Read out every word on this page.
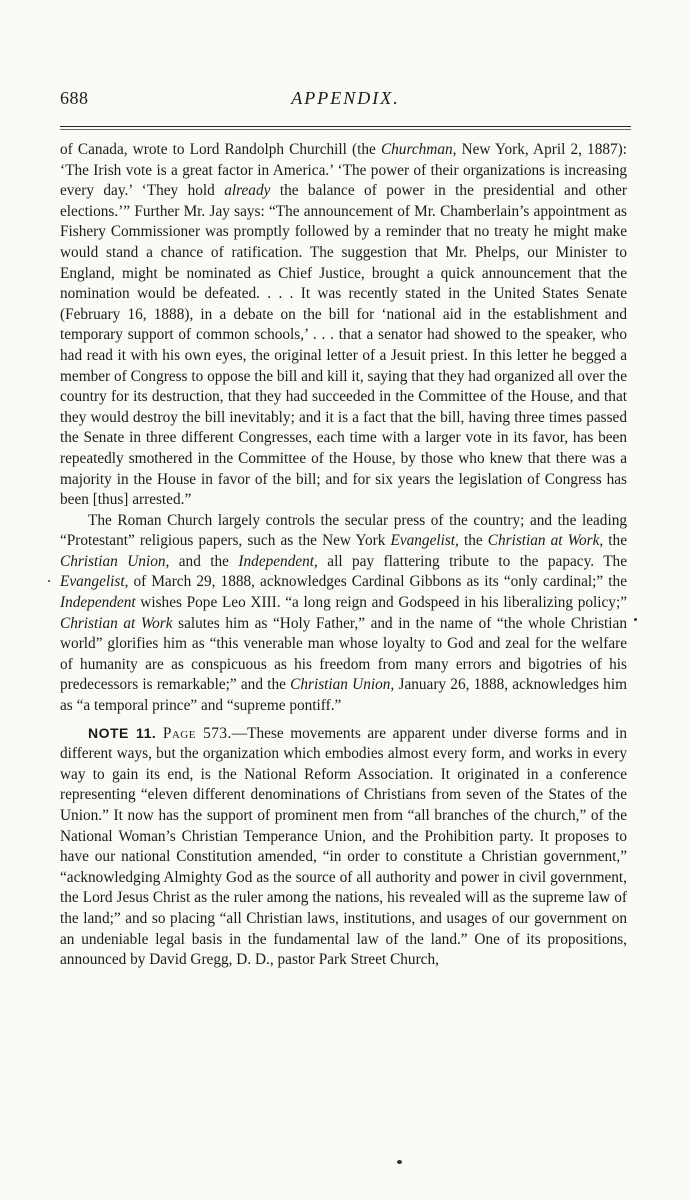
688	APPENDIX.

of Canada, wrote to Lord Randolph Churchill (the Churchman, New York, April 2, 1887): ‘The Irish vote is a great factor in America.’ ‘The power of their organizations is increasing every day.’ ‘They hold already the balance of power in the presidential and other elections.’” Further Mr. Jay says: “The announcement of Mr. Chamberlain’s appointment as Fishery Commissioner was promptly followed by a reminder that no treaty he might make would stand a chance of ratification. The suggestion that Mr. Phelps, our Minister to England, might be nominated as Chief Justice, brought a quick announcement that the nomination would be defeated. . . . It was recently stated in the United States Senate (February 16, 1888), in a debate on the bill for ‘national aid in the establishment and temporary support of common schools,’ . . . that a senator had showed to the speaker, who had read it with his own eyes, the original letter of a Jesuit priest. In this letter he begged a member of Congress to oppose the bill and kill it, saying that they had organized all over the country for its destruction, that they had succeeded in the Committee of the House, and that they would destroy the bill inevitably; and it is a fact that the bill, having three times passed the Senate in three different Congresses, each time with a larger vote in its favor, has been repeatedly smothered in the Committee of the House, by those who knew that there was a majority in the House in favor of the bill; and for six years the legislation of Congress has been [thus] arrested.”

The Roman Church largely controls the secular press of the country; and the leading “Protestant” religious papers, such as the New York Evangelist, the Christian at Work, the Christian Union, and the Independent, all pay flattering tribute to the papacy. The Evangelist, of March 29, 1888, acknowledges Cardinal Gibbons as its “only cardinal;” the Independent wishes Pope Leo XIII. “a long reign and Godspeed in his liberalizing policy;” Christian at Work salutes him as “Holy Father,” and in the name of “the whole Christian world” glorifies him as “this venerable man whose loyalty to God and zeal for the welfare of humanity are as conspicuous as his freedom from many errors and bigotries of his predecessors is remarkable;” and the Christian Union, January 26, 1888, acknowledges him as “a temporal prince” and “supreme pontiff.”

NOTE 11. Page 573.—These movements are apparent under diverse forms and in different ways, but the organization which embodies almost every form, and works in every way to gain its end, is the National Reform Association. It originated in a conference representing “eleven different denominations of Christians from seven of the States of the Union.” It now has the support of prominent men from “all branches of the church,” of the National Woman’s Christian Temperance Union, and the Prohibition party. It proposes to have our national Constitution amended, “in order to constitute a Christian government,” “acknowledging Almighty God as the source of all authority and power in civil government, the Lord Jesus Christ as the ruler among the nations, his revealed will as the supreme law of the land;” and so placing “all Christian laws, institutions, and usages of our government on an undeniable legal basis in the fundamental law of the land.” One of its propositions, announced by David Gregg, D. D., pastor Park Street Church,
